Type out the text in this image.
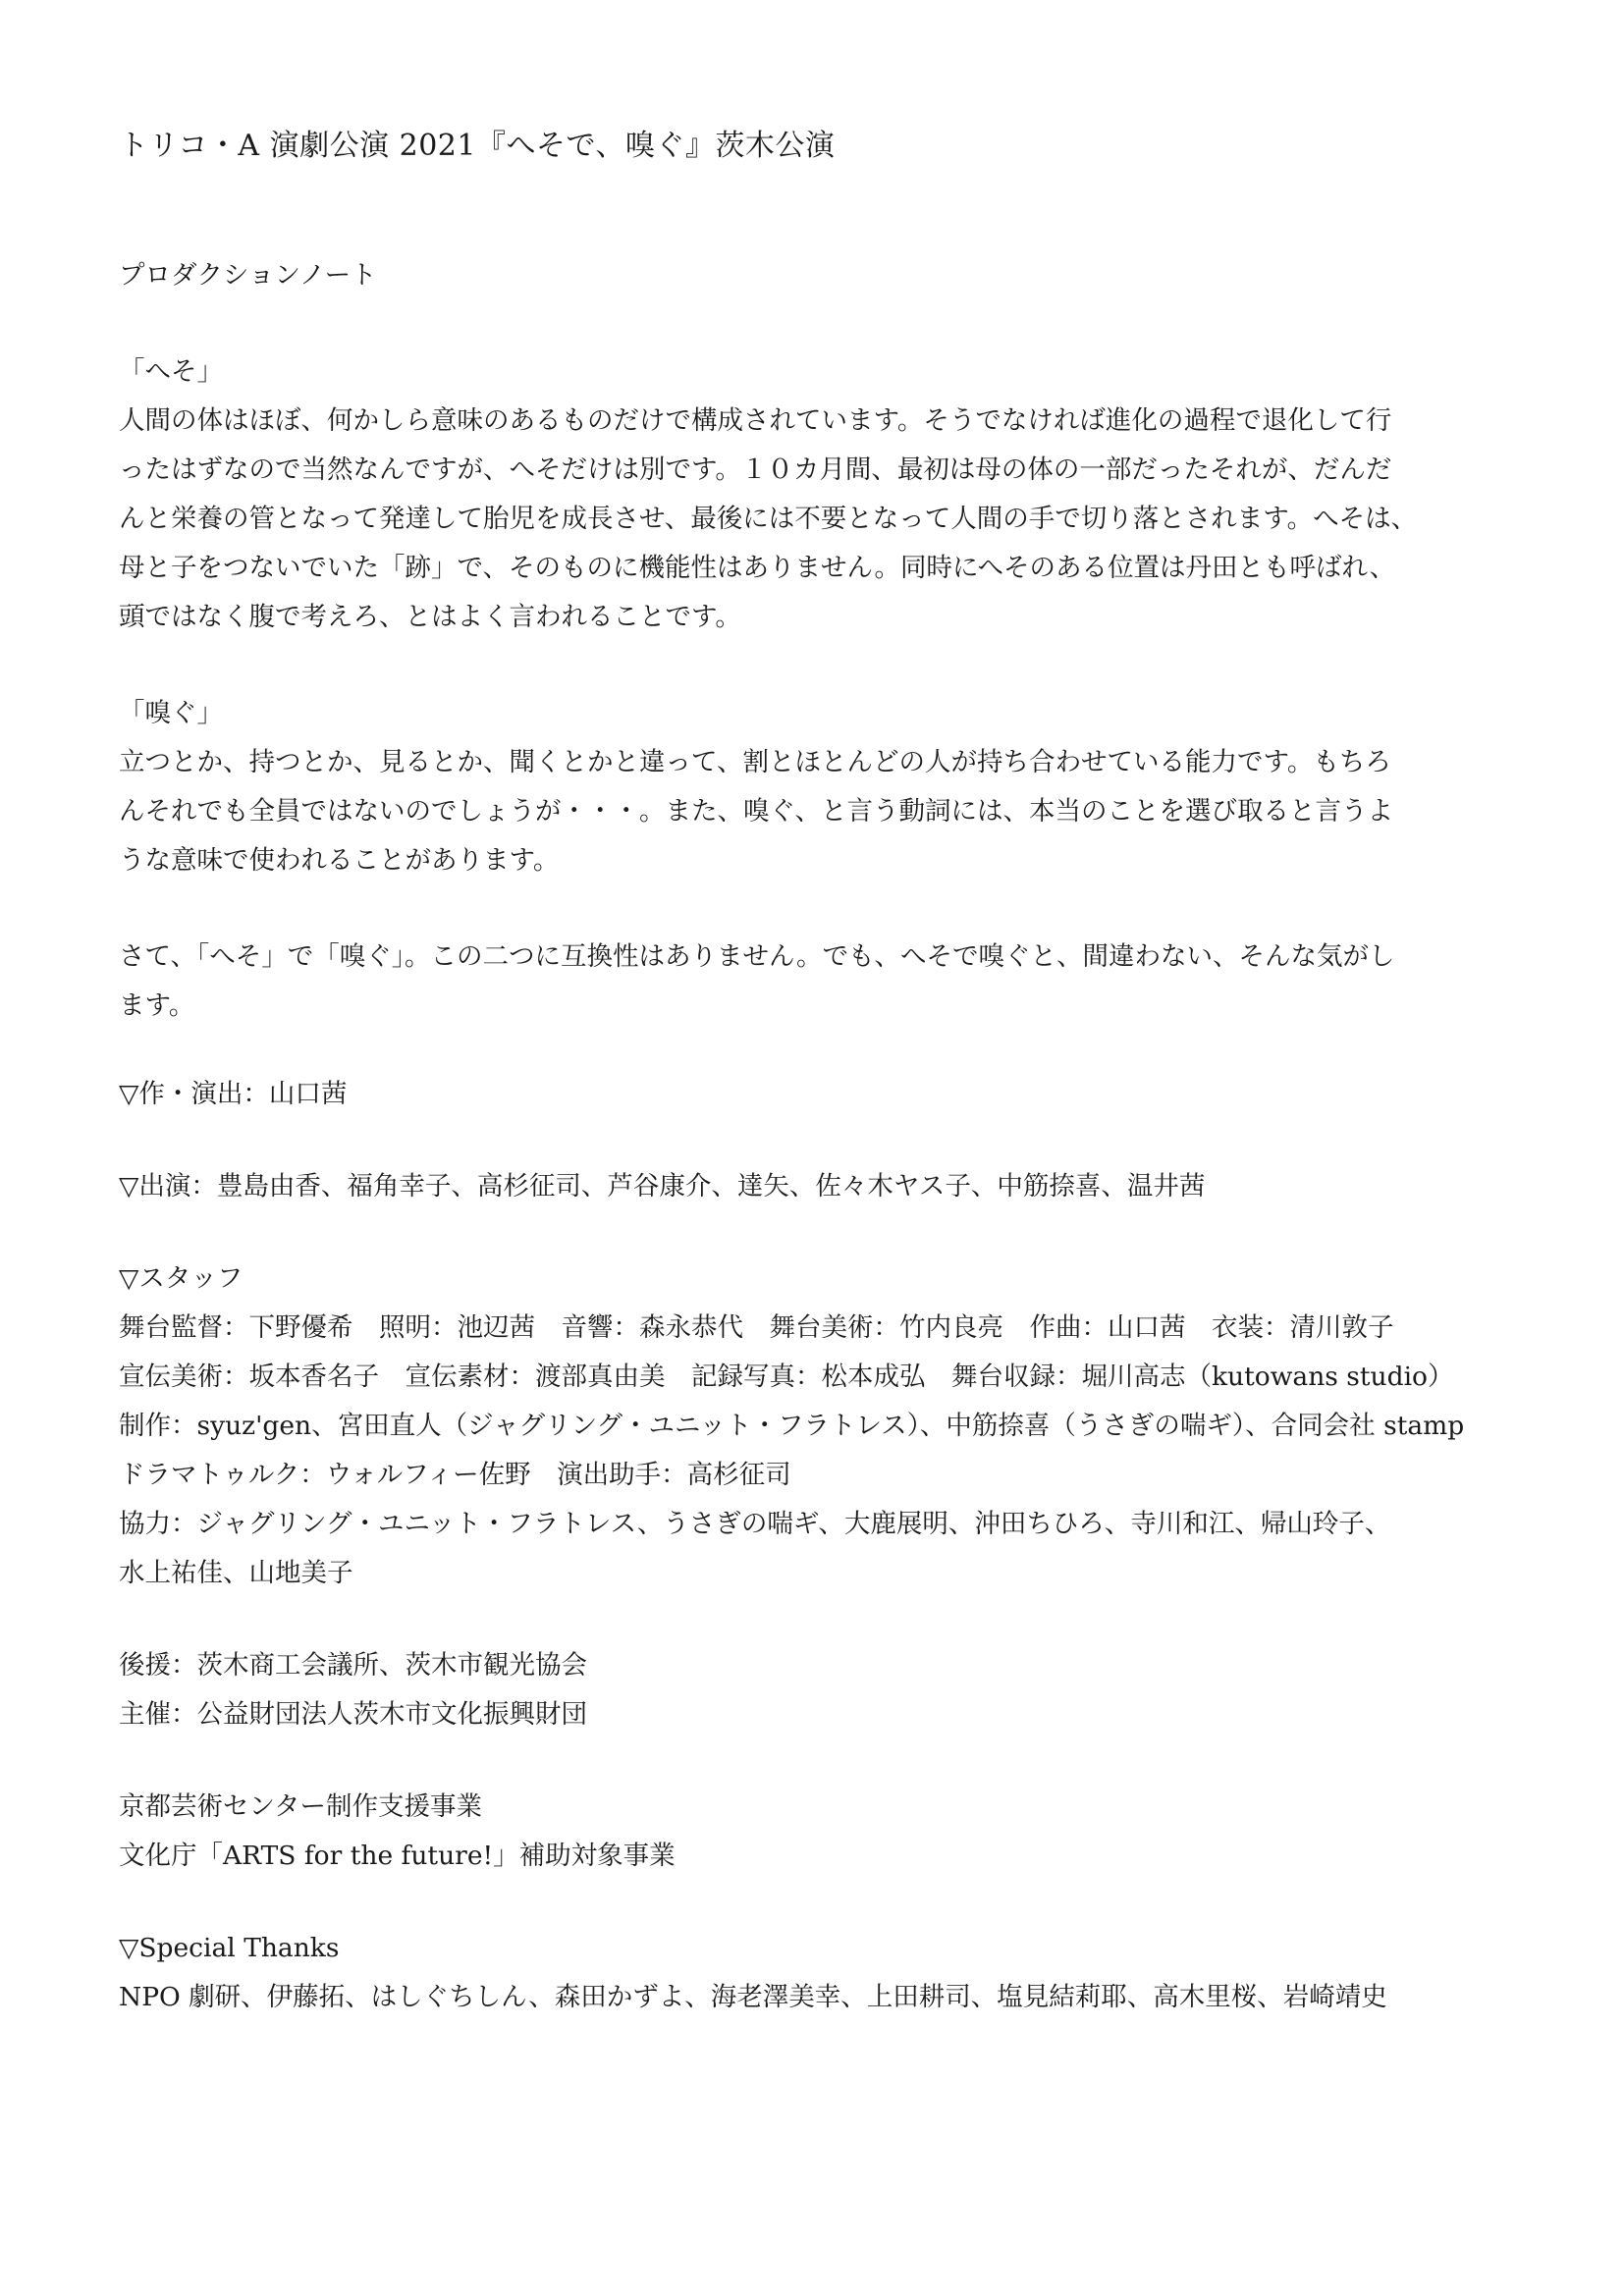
トリコ・A 演劇公演 2021『へそで、嗅ぐ』茨木公演

プロダクションノート

「へそ」

人間の体はほぼ、何かしら意味のあるものだけで構成されています。そうでなければ進化の過程で退化して行

ったはずなので当然なんですが、へそだけは別です。１０カ月間、最初は母の体の一部だったそれが、だんだ

んと栄養の管となって発達して胎児を成長させ、最後には不要となって人間の手で切り落とされます。へそは、

母と子をつないでいた「跡」で、そのものに機能性はありません。同時にへそのある位置は丹田とも呼ばれ、

頭ではなく腹で考えろ、とはよく言われることです。

「嗅ぐ」

立つとか、持つとか、見るとか、聞くとかと違って、割とほとんどの人が持ち合わせている能力です。もちろ

んそれでも全員ではないのでしょうが・・・。また、嗅ぐ、と言う動詞には、本当のことを選び取ると言うよ

うな意味で使われることがあります。

さて、「へそ」で「嗅ぐ」。この二つに互換性はありません。でも、へそで嗅ぐと、間違わない、そんな気がし

ます。

▽作・演出：山口茜

▽出演：豊島由香、福角幸子、高杉征司、芦谷康介、達矢、佐々木ヤス子、中筋捺喜、温井茜

▽スタッフ

舞台監督：下野優希　照明：池辺茜　音響：森永恭代　舞台美術：竹内良亮　作曲：山口茜　衣装：清川敦子

宣伝美術：坂本香名子　宣伝素材：渡部真由美　記録写真：松本成弘　舞台収録：堀川高志（kutowans studio）

制作：syuz'gen、宮田直人（ジャグリング・ユニット・フラトレス）、中筋捺喜（うさぎの喘ギ）、合同会社 stamp

ドラマトゥルク：ウォルフィー佐野　演出助手：高杉征司

協力：ジャグリング・ユニット・フラトレス、うさぎの喘ギ、大鹿展明、沖田ちひろ、寺川和江、帰山玲子、

水上祐佳、山地美子

後援：茨木商工会議所、茨木市観光協会

主催：公益財団法人茨木市文化振興財団

京都芸術センター制作支援事業

文化庁「ARTS for the future!」補助対象事業

▽Special Thanks

NPO 劇研、伊藤拓、はしぐちしん、森田かずよ、海老澤美幸、上田耕司、塩見結莉耶、高木里桜、岩崎靖史
